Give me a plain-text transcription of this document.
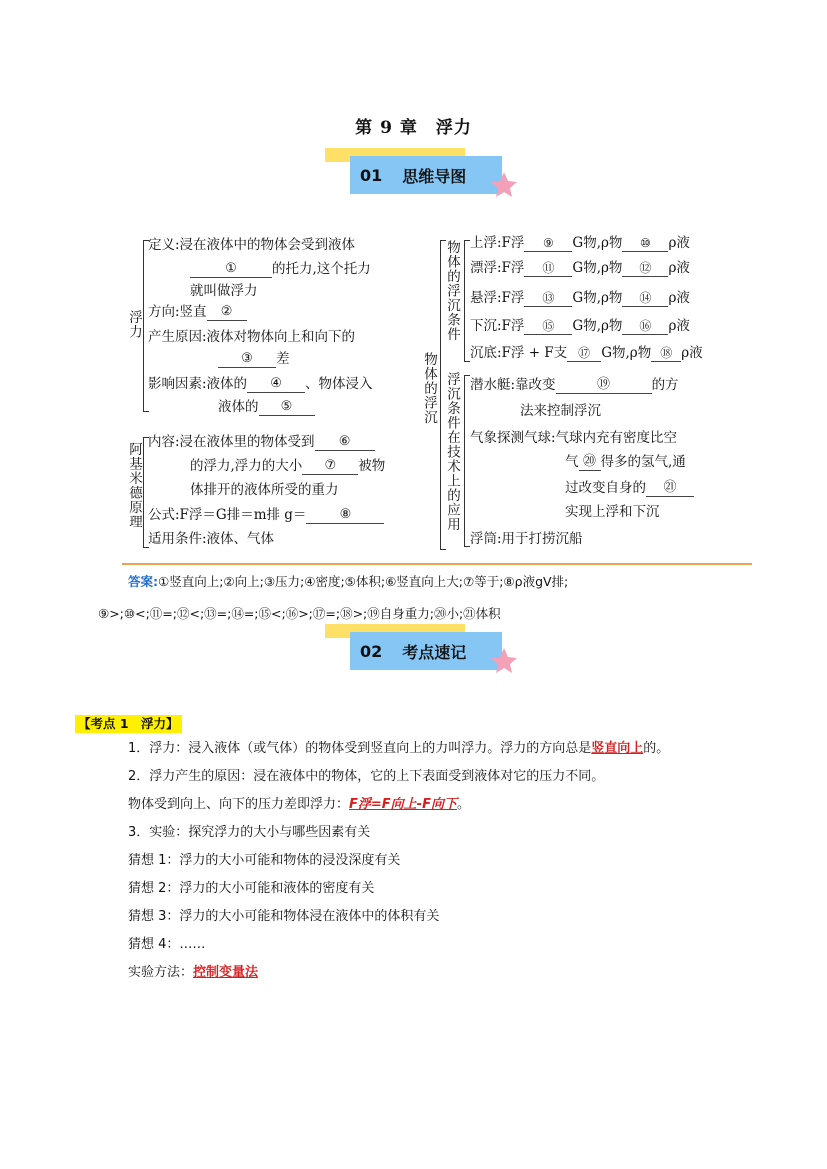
第 9 章　浮力
01 思维导图
浮力
定义:浸在液体中的物体会受到液体
①	的托力,这个托力
就叫做浮力
方向:竖直 ②
产生原因:液体对物体向上和向下的
③ 差
影响因素:液体的 ④ 、物体浸入
液体的 ⑤
阿基米德原理 内容:浸在液体里的物体受到 ⑥
的浮力,浮力的大小 ⑦ 被物
体排开的液体所受的重力
公式:F浮＝G排＝m排 g＝	⑧
适用条件:液体、气体
物体的浮沉
物体的浮沉条件 上浮:F浮 ⑨ G物,ρ物 ⑩ ρ液
漂浮:F浮 ⑪ G物,ρ物 ⑫ ρ液
悬浮:F浮 ⑬ G物,ρ物 ⑭ ρ液
下沉:F浮 ⑮ G物,ρ物 ⑯ ρ液
沉底:F浮 + F支 ⑰ G物,ρ物 ⑱ ρ液
浮沉条件在技术上的应用 潜水艇:靠改变	⑲	的方
法来控制浮沉
气象探测气球:气球内充有密度比空
气 ⑳ 得多的氢气,通
过改变自身的 ㉑
实现上浮和下沉
浮筒:用于打捞沉船
答案:①竖直向上;②向上;③压力;④密度;⑤体积;⑥竖直向上大;⑦等于;⑧ρ液gV排;
⑨>;⑩<;⑪=;⑫<;⑬=;⑭=;⑮<;⑯>;⑰=;⑱>;⑲自身重力;⑳小;㉑体积
02 考点速记
【考点 1　浮力】
1．浮力：浸入液体（或气体）的物体受到竖直向上的力叫浮力。浮力的方向总是竖直向上的。
2．浮力产生的原因：浸在液体中的物体，它的上下表面受到液体对它的压力不同。
物体受到向上、向下的压力差即浮力：F浮=F向上-F向下。
3．实验：探究浮力的大小与哪些因素有关
猜想 1：浮力的大小可能和物体的浸没深度有关
猜想 2：浮力的大小可能和液体的密度有关
猜想 3：浮力的大小可能和物体浸在液体中的体积有关
猜想 4：……
实验方法：控制变量法
